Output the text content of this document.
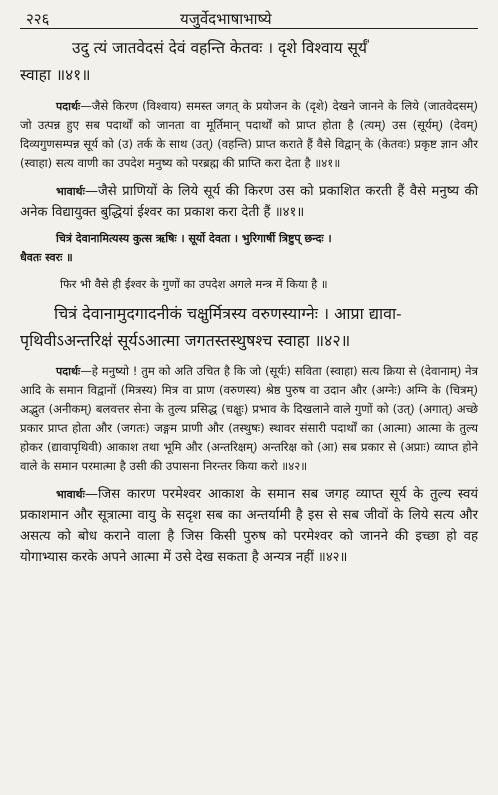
२२६	यजुर्वेदभाषाभाष्ये
उदु त्यं जातवेदसं देवं वहन्ति केतवः । दृशे विश्वाय सूर्यं॑
स्वाहा ॥४१॥
पदार्थः—जैसे किरण (विश्वाय) समस्त जगत् के प्रयोजन के (दृशे) देखने जानने के लिये (जातवेदसम्) जो उत्पन्न हुए सब पदार्थों को जानता वा मूर्तिमान् पदार्थों को प्राप्त होता है (त्यम्) उस (सूर्यम्) (देवम्) दिव्यगुणसम्पन्न सूर्य को (उ) तर्क के साथ (उत्) (वहन्ति) प्राप्त कराते हैं वैसे विद्वान् के (केतवः) प्रकृष्ट ज्ञान और (स्वाहा) सत्य वाणी का उपदेश मनुष्य को परब्रह्म की प्राप्ति करा देता है ॥४१॥
भावार्थः—जैसे प्राणियों के लिये सूर्य की किरण उस को प्रकाशित करती हैं वैसे मनुष्य की अनेक विद्यायुक्त बुद्धियां ईश्वर का प्रकाश करा देती हैं ॥४१॥
चित्रं देवानामित्यस्य कुत्स ऋषिः । सूर्यो देवता । भुरिगार्षी त्रिष्टुप् छन्दः ।
धैवतः स्वरः ॥
फिर भी वैसे ही ईश्वर के गुणों का उपदेश अगले मन्त्र में किया है ॥
चित्रं देवानामुदगादनीकं चक्षुर्मित्रस्य वरुणस्याग्नेः । आप्रा द्यावा-
पृथिवीऽअन्तरिक्ष॑ सूर्यऽआत्मा जगतस्तस्थुषश्च स्वाहा ॥४२॥
पदार्थः—हे मनुष्यो ! तुम को अति उचित है कि जो (सूर्यः) सविता (स्वाहा) सत्य क्रिया से (देवानाम्) नेत्र आदि के समान विद्वानों (मित्रस्य) मित्र वा प्राण (वरुणस्य) श्रेष्ठ पुरुष वा उदान और (अग्नेः) अग्नि के (चित्रम्) अद्भुत (अनीकम्) बलवत्तर सेना के तुल्य प्रसिद्ध (चक्षुः) प्रभाव के दिखलाने वाले गुणों को (उत्) (अगात्) अच्छे प्रकार प्राप्त होता और (जगतः) जङ्गम प्राणी और (तस्थुषः) स्थावर संसारी पदार्थों का (आत्मा) आत्मा के तुल्य होकर (द्यावापृथिवी) आकाश तथा भूमि और (अन्तरिक्षम्) अन्तरिक्ष को (आ) सब प्रकार से (अप्राः) व्याप्त होने वाले के समान परमात्मा है उसी की उपासना निरन्तर किया करो ॥४२॥
भावार्थः—जिस कारण परमेश्वर आकाश के समान सब जगह व्याप्त सूर्य के तुल्य स्वयं प्रकाशमान और सूत्रात्मा वायु के सदृश सब का अन्तर्यामी है इस से सब जीवों के लिये सत्य और असत्य को बोध कराने वाला है जिस किसी पुरुष को परमेश्वर को जानने की इच्छा हो वह योगाभ्यास करके अपने आत्मा में उसे देख सकता है अन्यत्र नहीं ॥४२॥
